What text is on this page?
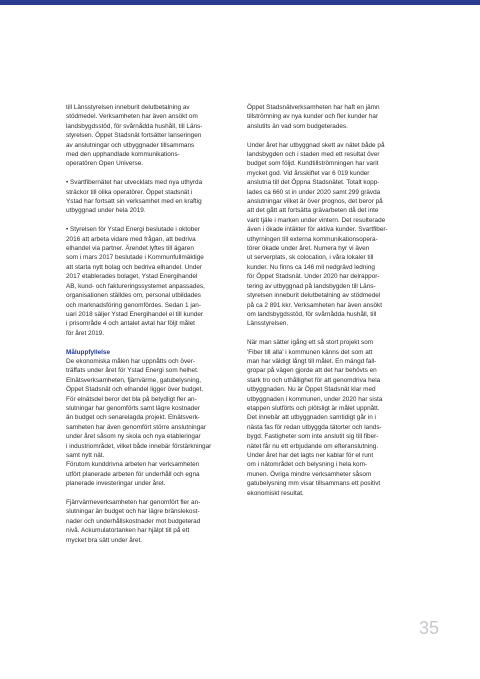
till Länsstyrelsen inneburit delutbetalning av
stödmedel. Verksamheten har även ansökt om
landsbygdsstöd, för svårnådda hushåll, till Läns-
styrelsen. Öppet Stadsnät fortsätter lanseringen
av anslutningar och utbyggnader tillsammans
med den upphandlade kommunikations-
operatören Open Universe.

• Svartfibernätet har utvecklats med nya uthyrda
sträckor till olika operatörer. Öppet stadsnät i
Ystad har fortsatt sin verksamhet med en kraftig
utbyggnad under hela 2019.

• Styrelsen för Ystad Energi beslutade i oktober
2016 att arbeta vidare med frågan, att bedriva
elhandel via partner. Ärendet lyftes till ägaren
som i mars 2017 beslutade i Kommunfullmäktige
att starta nytt bolag och bedriva elhandel. Under
2017 etablerades bolaget, Ystad Energihandel
AB, kund- och faktureringssystemet anpassades,
organisationen ställdes om, personal utbildades
och marknadsföring genomfördes. Sedan 1 jan-
uari 2018 säljer Ystad Energihandel el till kunder
i prisområde 4 och antalet avtal har följt målet
för året 2019.

Måluppfyllelse

De ekonomiska målen har uppnåtts och över-
träffats under året för Ystad Energi som helhet.
Elnätsverksamheten, fjärrvärme, gatubelysning,
Öppet Stadsnät och elhandel ligger över budget.
För elnätsdel beror det bla på betydligt fler an-
slutningar har genomförts samt lägre kostnader
än budget och senarelagda projekt. Elnätsverk-
samheten har även genomfört större anslutningar
under året såsom ny skola och nya etableringar
i industriområdet, vilket både innebär förstärkningar
samt nytt nät.

Förutom kunddrivna arbeten har verksamheten
utfört planerade arbeten för underhåll och egna
planerade investeringar under året.

Fjärrvärmeverksamheten har genomfört fler an-
slutningar än budget och har lägre bränslekost-
nader och underhållskostnader mot budgeterad
nivå. Ackumulatortanken har hjälpt till på ett
mycket bra sätt under året.

Öppet Stadsnätverksamheten har haft en jämn
tillströmning av nya kunder och fler kunder har
anslutits än vad som budgeterades.

Under året har utbyggnad skett av nätet både på
landsbygden och i staden med ett resultat över
budget som följd. Kundtillströmningen har varit
mycket god. Vid årsskiftet var 6 019 kunder
anslutna till det Öppna Stadsnätet. Totalt kopp-
lades ca 660 st in under 2020 samt 299 grävda
anslutningar vilket är över prognos, det beror på
att det gått att fortsätta grävarbeten då det inte
varit tjäle i marken under vintern. Det resulterade
även i ökade intäkter för aktiva kunder. Svartfiber-
uthyrningen till externa kommunikationsoperа-
törer ökade under året. Numera hyr vi även
ut serverplats, sk colocation, i våra lokaler till
kunder. Nu finns ca 146 mil nedgrävd ledning
för Öppet Stadsnät. Under 2020 har delrappor-
tering av utbyggnad på landsbygden till Läns-
styrelsen inneburit delutbetalning av stödmedel
på ca 2 891 kkr. Verksamheten har även ansökt
om landsbygdsstöd, för svårnådda hushåll, till
Länsstyrelsen.

När man sätter igång ett så stort projekt som
'Fiber till alla' i kommunen känns det som att
man har väldigt långt till målet. En mängd fall-
gropar på vägen gjorde att det har behövts en
stark tro och uthållighet för att genomdriva hela
utbyggnaden. Nu är Öppet Stadsnät klar med
utbyggnaden i kommunen, under 2020 har sista
etappen slutförts och plötsligt är målet uppnått.
Det innebär att utbyggnaden samtidigt går in i
nästa fas för redan utbyggda tätorter och lands-
bygd. Fastigheter som inte anslutit sig till fiber-
nätet får nu ett erbjudande om efteranslutning.
Under året har det lagts ner kablar för el runt
om i nätområdet och belysning i hela kom-
munen. Övriga mindre verksamheter såsom
gatubelysning mm visar tillsammans ett positivt
ekonomiskt resultat.

35
